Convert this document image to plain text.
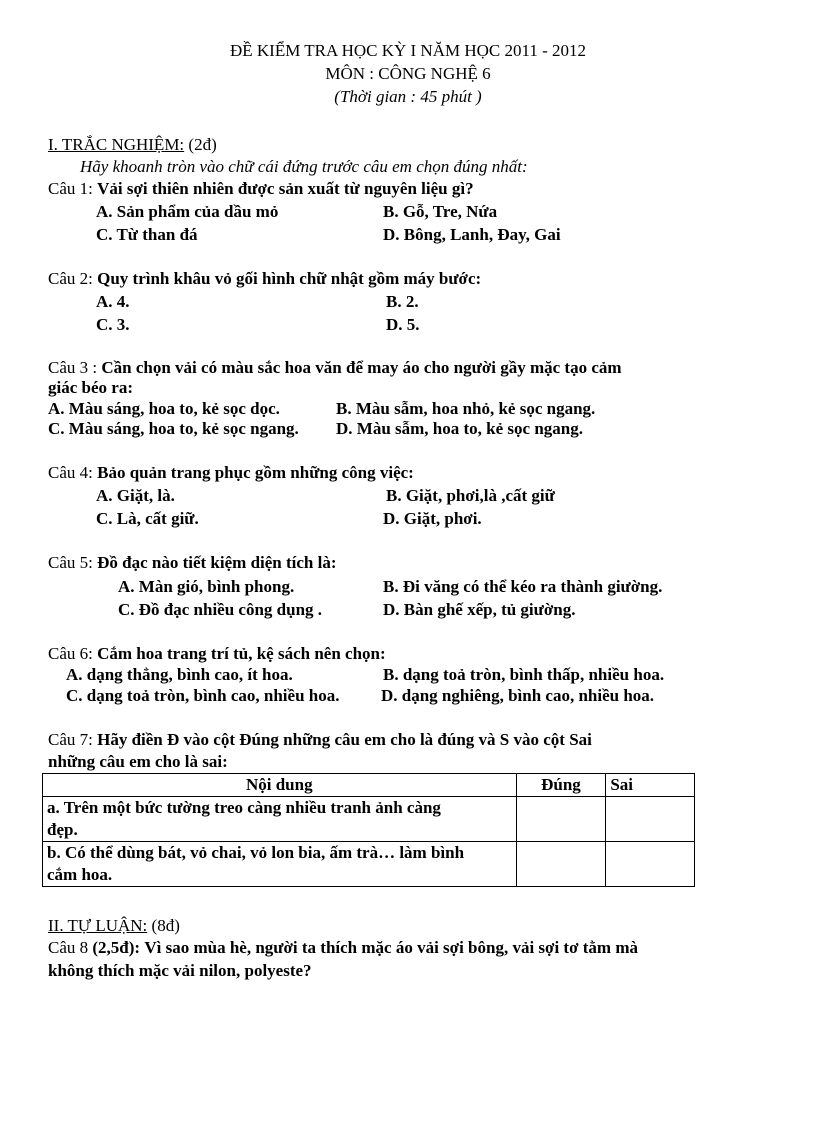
ĐỀ KIỂM TRA HỌC KỲ I NĂM HỌC 2011 - 2012
MÔN : CÔNG NGHỆ 6
(Thời gian : 45 phút )
I. TRẮC NGHIỆM: (2đ)
Hãy khoanh tròn vào chữ cái đứng trước câu em chọn đúng nhất:
Câu 1: Vải sợi thiên nhiên được sản xuất từ nguyên liệu gì?
A. Sản phẩm của dầu mỏ	B. Gỗ, Tre, Nứa
C. Từ than đá	D. Bông, Lanh, Đay, Gai
Câu 2: Quy trình khâu vỏ gối hình chữ nhật gồm máy bước:
A. 4.	B. 2.
C. 3.	D. 5.
Câu 3 : Cần chọn vải có màu sắc hoa văn để may áo cho người gầy mặc tạo cảm
giác béo ra:
A. Màu sáng, hoa to, kẻ sọc dọc.	B. Màu sẫm, hoa nhỏ, kẻ sọc ngang.
C. Màu sáng, hoa to, kẻ sọc ngang. D. Màu sẫm, hoa to, kẻ sọc ngang.
Câu 4: Bảo quản trang phục gồm những công việc:
A. Giặt, là.	B. Giặt, phơi,là ,cất giữ
C. Là, cất giữ.	D. Giặt, phơi.
Câu 5: Đồ đạc nào tiết kiệm diện tích là:
A. Màn gió, bình phong.	B. Đi văng có thể kéo ra thành giường.
C. Đồ đạc nhiều công dụng .	D. Bàn ghế xếp, tủ giường.
Câu 6: Cắm hoa trang trí tủ, kệ sách nên chọn:
A. dạng thẳng, bình cao, ít hoa.	B. dạng toả tròn, bình thấp, nhiều hoa.
C. dạng toả tròn, bình cao, nhiều hoa. D. dạng nghiêng, bình cao, nhiều hoa.
Câu 7: Hãy điền Đ vào cột Đúng những câu em cho là đúng và S vào cột Sai
những câu em cho là sai:
Nội dung	Đúng	Sai

a. Trên một bức tường treo càng nhiều tranh ảnh càng
đẹp.		

b. Có thể dùng bát, vỏ chai, vỏ lon bia, ấm trà… làm bình
cắm hoa.		

II. TỰ LUẬN: (8đ)
Câu 8 (2,5đ): Vì sao mùa hè, người ta thích mặc áo vải sợi bông, vải sợi tơ tằm mà
không thích mặc vải nilon, polyeste?
